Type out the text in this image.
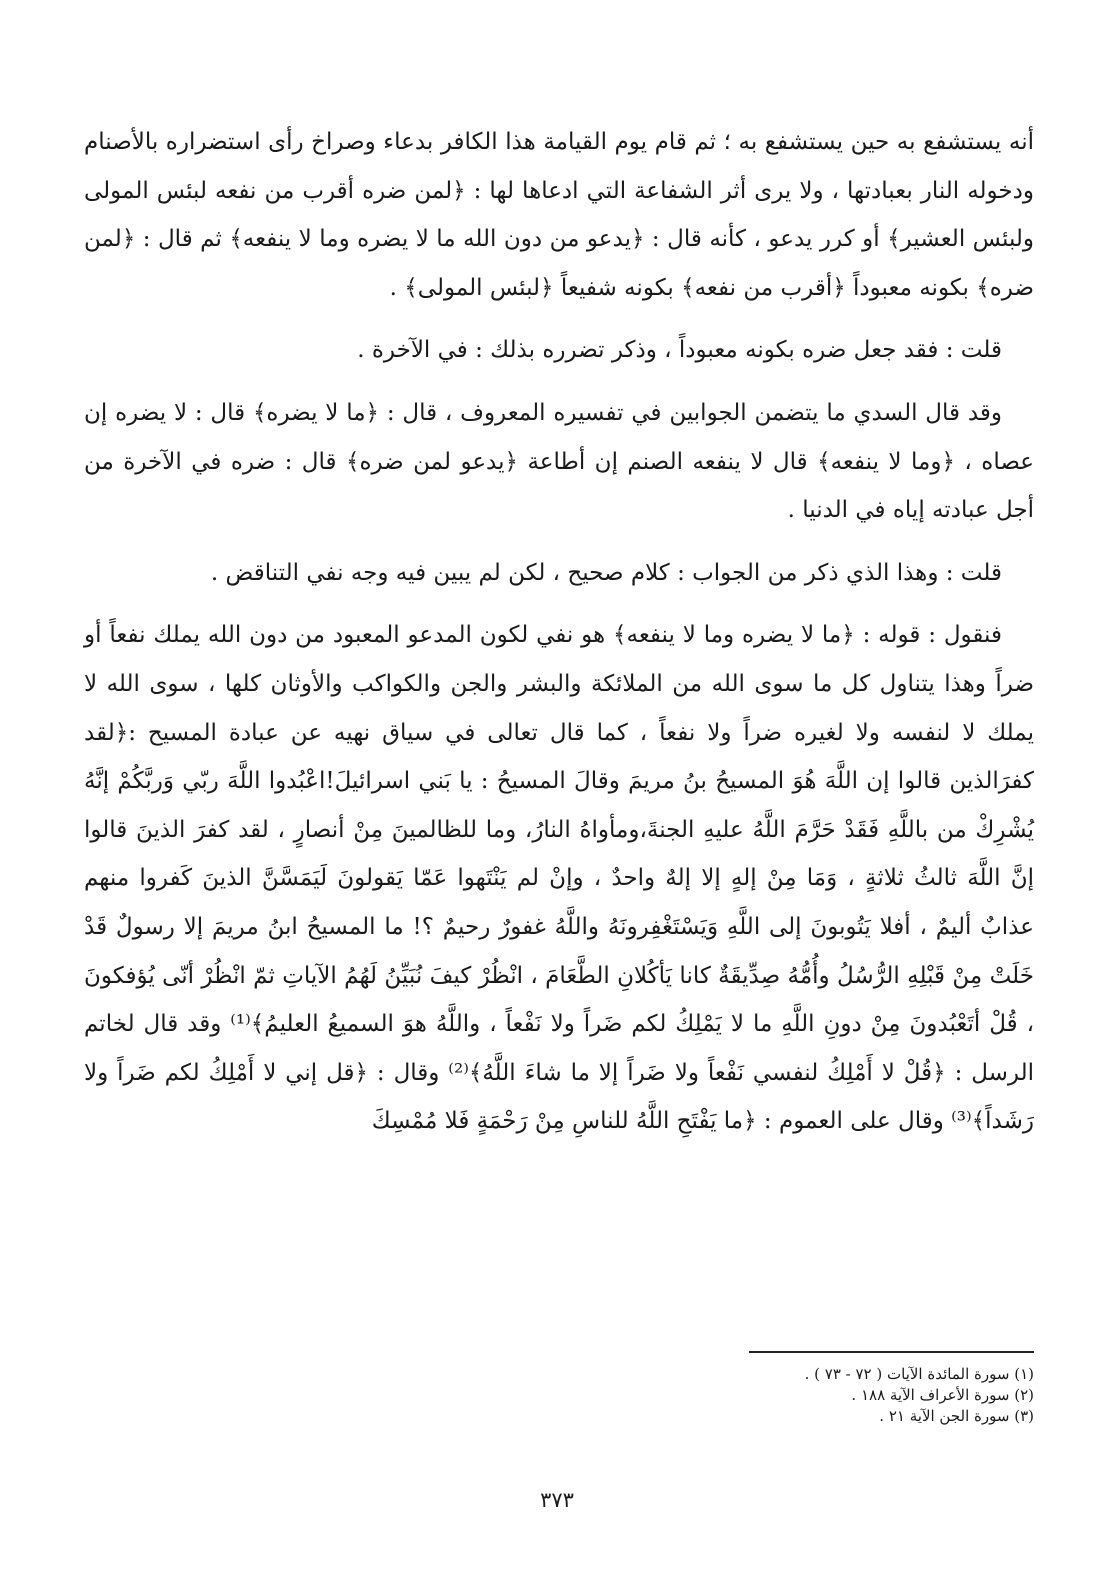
أنه يستشفع به حين يستشفع به ؛ ثم قام يوم القيامة هذا الكافر بدعاء وصراخ رأى استضراره بالأصنام ودخوله النار بعبادتها ، ولا يرى أثر الشفاعة التي ادعاها لها : ﴿لمن ضره أقرب من نفعه لبئس المولى ولبئس العشير﴾ أو كرر يدعو ، كأنه قال : ﴿يدعو من دون الله ما لا يضره وما لا ينفعه﴾ ثم قال : ﴿لمن ضره﴾ بكونه معبوداً ﴿أقرب من نفعه﴾ بكونه شفيعاً ﴿لبئس المولى﴾ .

قلت : فقد جعل ضره بكونه معبوداً ، وذكر تضرره بذلك : في الآخرة .

وقد قال السدي ما يتضمن الجوابين في تفسيره المعروف ، قال : ﴿ما لا يضره﴾ قال : لا يضره إن عصاه ، ﴿وما لا ينفعه﴾ قال لا ينفعه الصنم إن أطاعة ﴿يدعو لمن ضره﴾ قال : ضره في الآخرة من أجل عبادته إياه في الدنيا .

قلت : وهذا الذي ذكر من الجواب : كلام صحيح ، لكن لم يبين فيه وجه نفي التناقض .

فنقول : قوله : ﴿ما لا يضره وما لا ينفعه﴾ هو نفي لكون المدعو المعبود من دون الله يملك نفعاً أو ضراً وهذا يتناول كل ما سوى الله من الملائكة والبشر والجن والكواكب والأوثان كلها ، سوى الله لا يملك لا لنفسه ولا لغيره ضراً ولا نفعاً ، كما قال تعالى في سياق نهيه عن عبادة المسيح :﴿لقد كفرَالذين قالوا إن اللَّهَ هُوَ المسيحُ بنُ مريمَ وقالَ المسيحُ : يا بَني اسرائيلَ!اعْبُدوا اللَّهَ ربّي وَربَّكُمْ إنَّهُ يُشْرِكْ من باللَّهِ فَقَدْ حَرَّمَ اللَّهُ عليهِ الجنةَ،ومأواهُ النارُ، وما للظالمينَ مِنْ أنصارٍ ، لقد كفرَ الذينَ قالوا إنَّ اللَّهَ ثالثُ ثلاثةٍ ، وَمَا مِنْ إلهٍ إلا إلهٌ واحدٌ ، وإنْ لم يَنْتَهوا عَمّا يَقولونَ لَيَمَسَّنَّ الذينَ كَفروا منهم عذابٌ أليمٌ ، أفلا يَتُوبونَ إلى اللَّهِ وَيَسْتَغْفِرونَهُ واللَّهُ غفورٌ رحيمٌ ؟! ما المسيحُ ابنُ مريمَ إلا رسولٌ قَدْ خَلَتْ مِنْ قَبْلِهِ الرُّسُلُ وأُمُّهُ صِدِّيقَةٌ كانا يَأكُلانِ الطَّعَامَ ، انْظُرْ كيفَ نُبَيِّنُ لَهُمُ الآياتِ ثمّ انْظُرْ أنّى يُؤفكونَ ، قُلْ أتَعْبُدونَ مِنْ دونِ اللَّهِ ما لا يَمْلِكُ لكم ضَراً ولا نَفْعاً ، واللَّهُ هوَ السميعُ العليمُ﴾⁽¹⁾ وقد قال لخاتم الرسل : ﴿قُلْ لا أَمْلِكُ لنفسي نَفْعاً ولا ضَراً إلا ما شاءَ اللَّهُ﴾⁽²⁾ وقال : ﴿قل إني لا أَمْلِكُ لكم ضَراً ولا رَشَداً﴾⁽³⁾ وقال على العموم : ﴿ما يَفْتَحِ اللَّهُ للناسِ مِنْ رَحْمَةٍ فَلا مُمْسِكَ

(١) سورة المائدة الآيات ( ٧٢ - ٧٣ ) .

(٢) سورة الأعراف الآية ١٨٨ .

(٣) سورة الجن الآية ٢١ .

٣٧٣
